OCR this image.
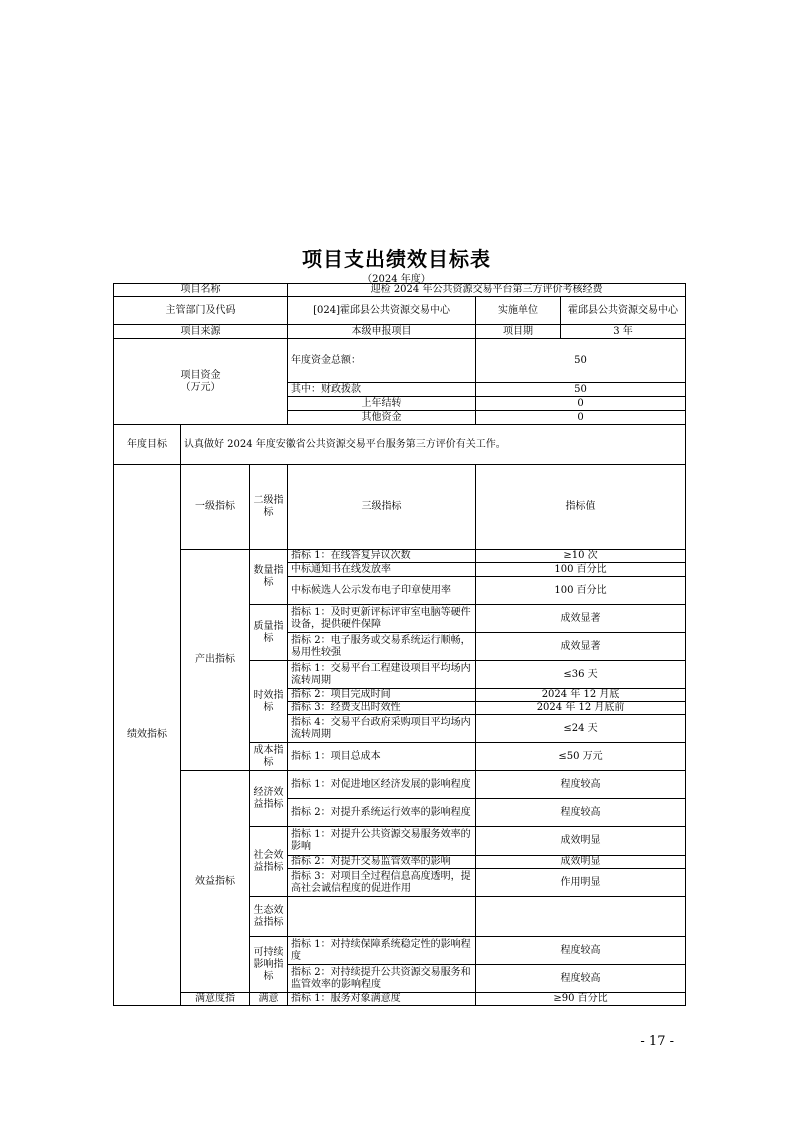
项目支出绩效目标表
（2024 年度）
项目名称			迎检 2024 年公共资源交易平台第三方评价考核经费		
主管部门及代码			[024]霍邱县公共资源交易中心	实施单位	霍邱县公共资源交易中心
项目来源			本级申报项目	项目期	3 年

项目资金
（万元）			年度资金总额：	50	
			其中：财政拨款	50	
			上年结转	0	
			其他资金	0	
年度目标	认真做好 2024 年度安徽省公共资源交易平台服务第三方评价有关工作。				
绩效指标	一级指标	二级指标	三级指标	指标值	
	产出指标	数量指标	指标 1：在线答复异议次数	≥10 次	
			中标通知书在线发放率	100 百分比	
			中标候选人公示发布电子印章使用率	100 百分比	
		质量指标	指标 1：及时更新评标评审室电脑等硬件设备，提供硬件保障	成效显著	
			指标 2：电子服务或交易系统运行顺畅，易用性较强	成效显著	
		时效指标	指标 1：交易平台工程建设项目平均场内流转周期	≤36 天	
			指标 2：项目完成时间	2024 年 12 月底	
			指标 3：经费支出时效性	2024 年 12 月底前	
			指标 4：交易平台政府采购项目平均场内流转周期	≤24 天	
		成本指标	指标 1：项目总成本	≤50 万元	
	效益指标	经济效益指标	指标 1：对促进地区经济发展的影响程度	程度较高	
			指标 2：对提升系统运行效率的影响程度	程度较高	
		社会效益指标	指标 1：对提升公共资源交易服务效率的影响	成效明显	
			指标 2：对提升交易监管效率的影响	成效明显	
			指标 3：对项目全过程信息高度透明，提高社会诚信程度的促进作用	作用明显	
		生态效益指标			

		可持续影响指标	指标 1：对持续保障系统稳定性的影响程度	程度较高	
			指标 2：对持续提升公共资源交易服务和监管效率的影响程度	程度较高	
	满意度指	满意	指标 1：服务对象满意度	≥90 百分比	
- 17 -
